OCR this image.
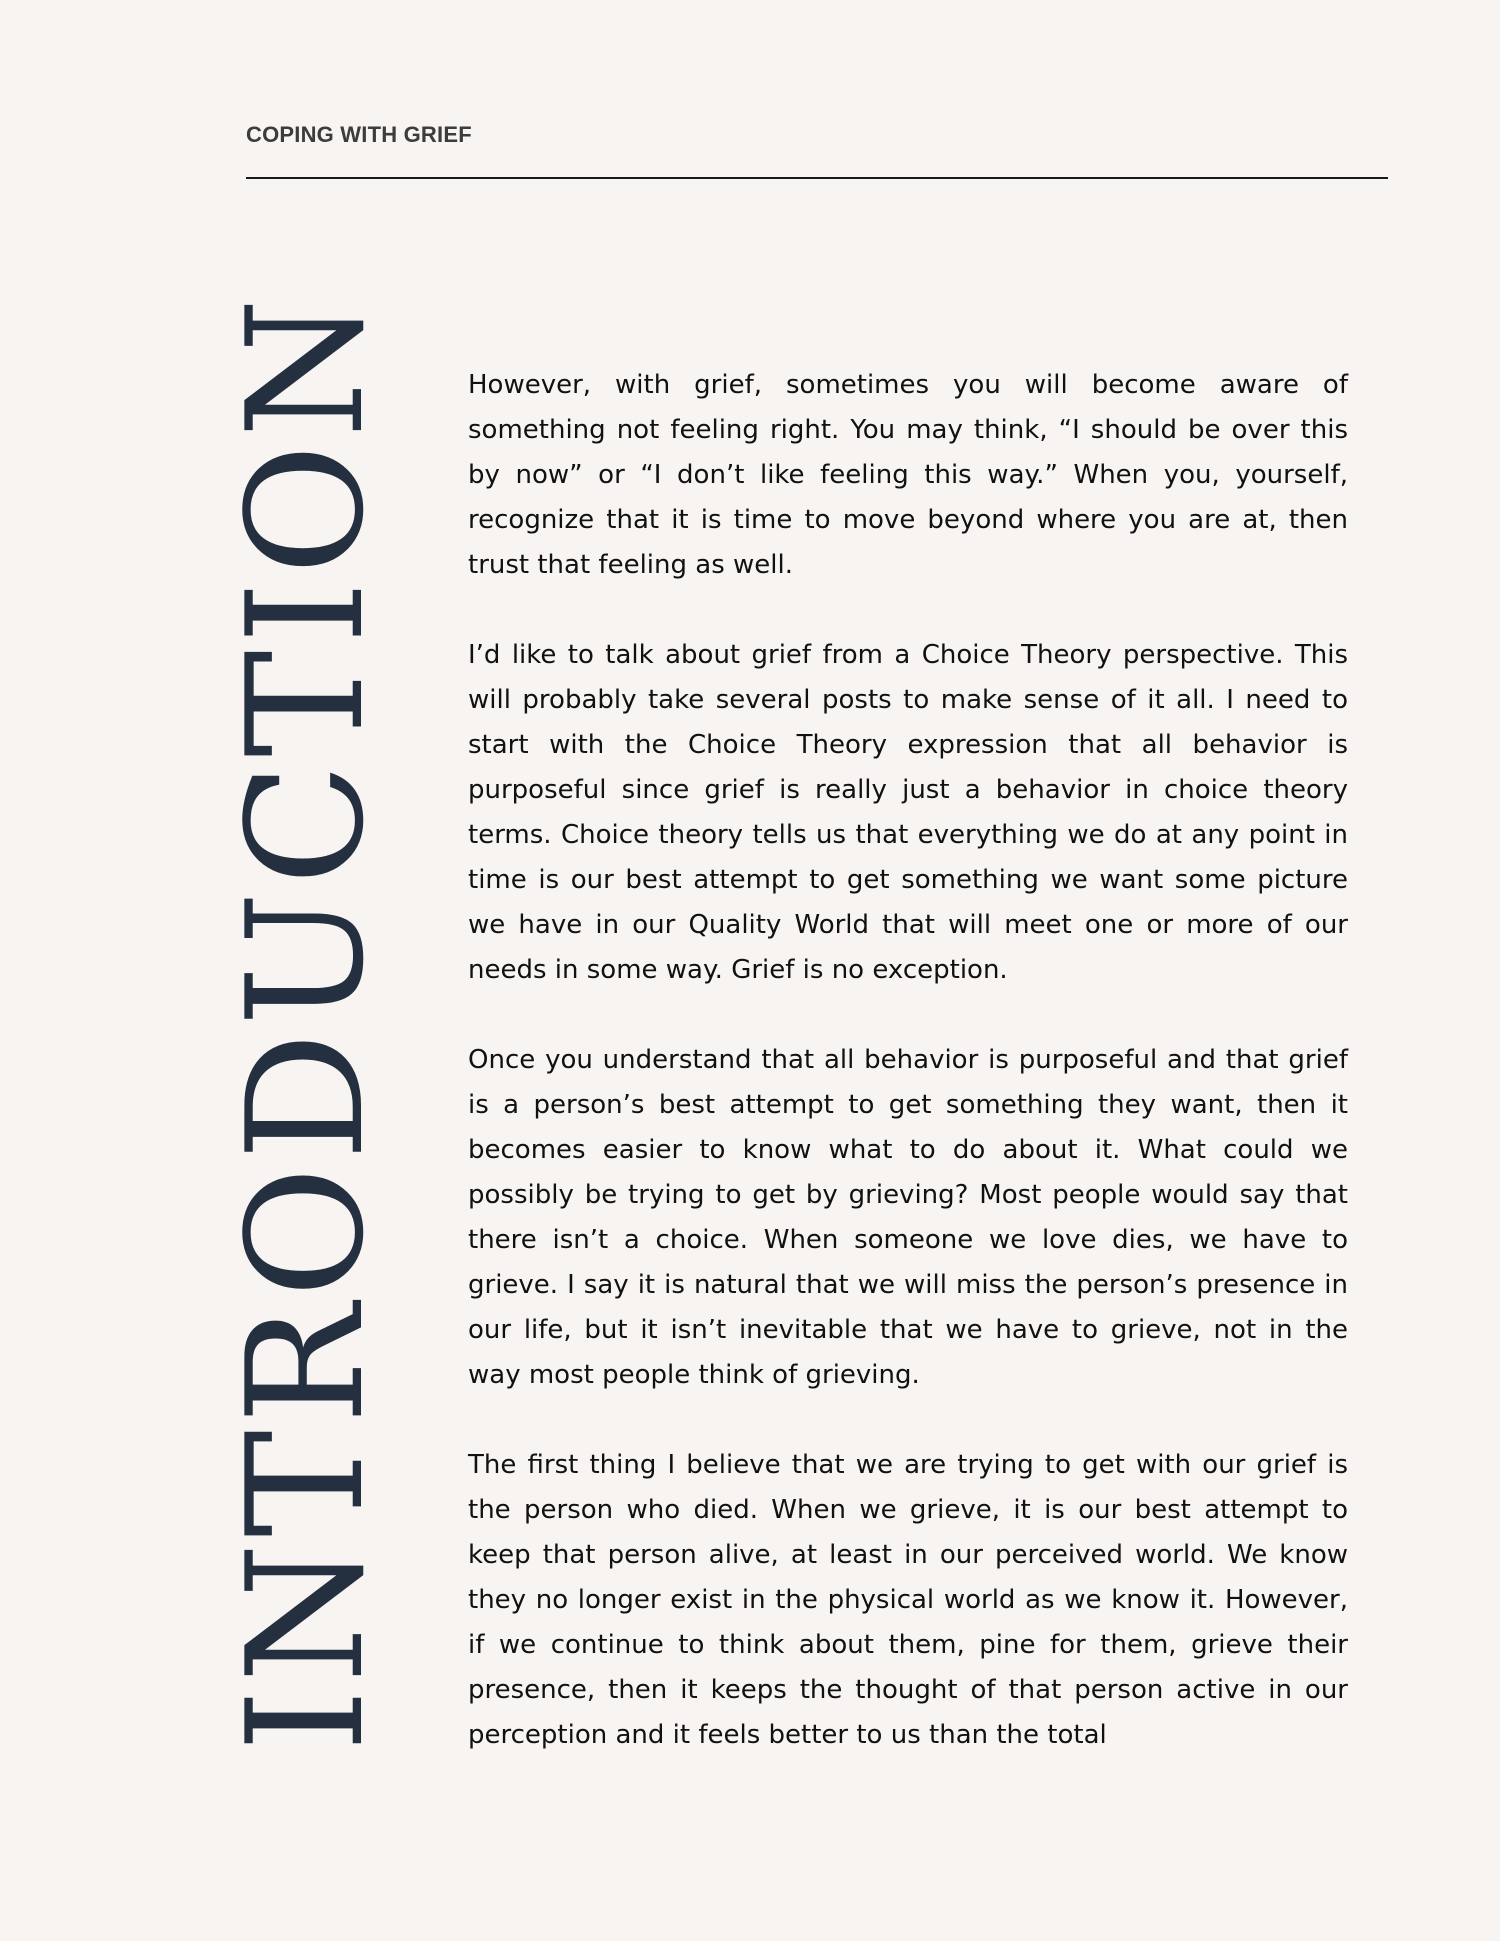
COPING WITH GRIEF
INTRODUCTION	However, with grief, sometimes you will become aware of something not feeling right. You may think, “I should be over this by now” or “I don’t like feeling this way.” When you, yourself, recognize that it is time to move beyond where you are at, then trust that feeling as well.

I’d like to talk about grief from a Choice Theory perspective. This will probably take several posts to make sense of it all. I need to start with the Choice Theory expression that all behavior is purposeful since grief is really just a behavior in choice theory terms. Choice theory tells us that everything we do at any point in time is our best attempt to get something we want some picture we have in our Quality World that will meet one or more of our needs in some way. Grief is no exception.

Once you understand that all behavior is purposeful and that grief is a person’s best attempt to get something they want, then it becomes easier to know what to do about it. What could we possibly be trying to get by grieving? Most people would say that there isn’t a choice. When someone we love dies, we have to grieve. I say it is natural that we will miss the person’s presence in our life, but it isn’t inevitable that we have to grieve, not in the way most people think of grieving.

The first thing I believe that we are trying to get with our grief is the person who died. When we grieve, it is our best attempt to keep that person alive, at least in our perceived world. We know they no longer exist in the physical world as we know it. However, if we continue to think about them, pine for them, grieve their presence, then it keeps the thought of that person active in our perception and it feels better to us than the total
